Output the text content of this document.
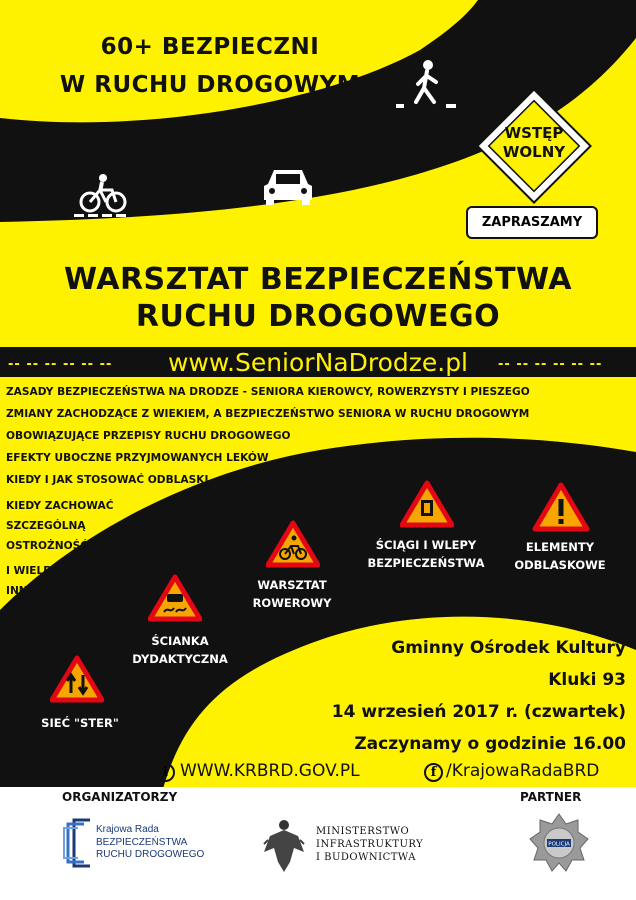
60+ BEZPIECZNI
W RUCHU DROGOWYM
WSTĘP
WOLNY
ZAPRASZAMY
WARSZTAT BEZPIECZEŃSTWA
RUCHU DROGOWEGO
-- -- -- -- -- --	www.SeniorNaDrodze.pl	-- -- -- -- -- --
ZASADY BEZPIECZEŃSTWA NA DRODZE - SENIORA KIEROWCY, ROWERZYSTY I PIESZEGO
ZMIANY ZACHODZĄCE Z WIEKIEM, A BEZPIECZEŃSTWO SENIORA W RUCHU DROGOWYM
OBOWIĄZUJĄCE PRZEPISY RUCHU DROGOWEGO
EFEKTY UBOCZNE PRZYJMOWANYCH LEKÓW
KIEDY I JAK STOSOWAĆ ODBLASKI
KIEDY ZACHOWAĆ
SZCZEGÓLNĄ
OSTROŻNOŚĆ
I WIELE
INNYCH
SIEĆ "STER"
ŚCIANKA
DYDAKTYCZNA
WARSZTAT
ROWEROWY
ŚCIĄGI I WLEPY
BEZPIECZEŃSTWA
ELEMENTY
ODBLASKOWE
Gminny Ośrodek Kultury
Kluki 93
14 wrzesień 2017 r. (czwartek)
Zaczynamy o godzinie 16.00
i WWW.KRBRD.GOV.PL	f /KrajowaRadaBRD
ORGANIZATORZY	PARTNER
Krajowa Rada
BEZPIECZEŃSTWA
RUCHU DROGOWEGO
MINISTERSTWO
INFRASTRUKTURY
I BUDOWNICTWA
POLICJA
